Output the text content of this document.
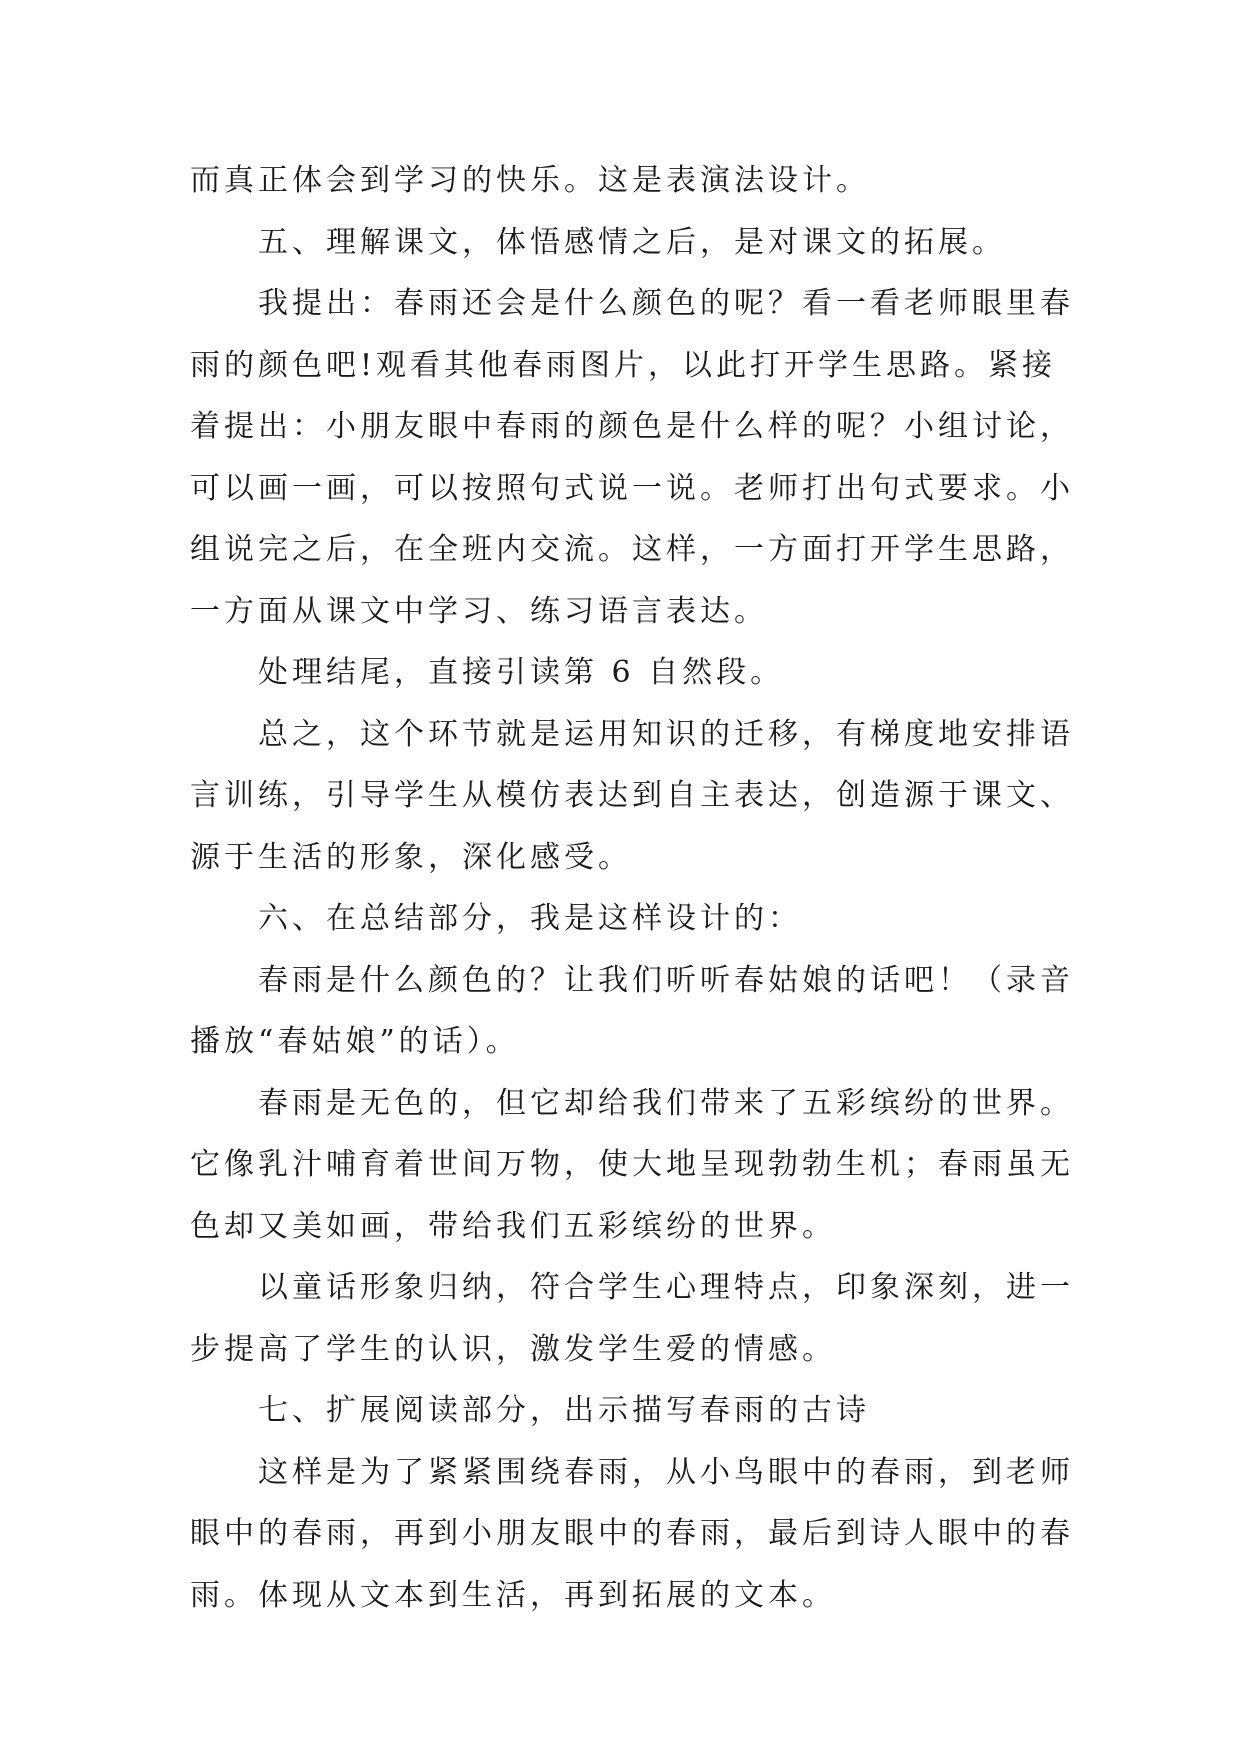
而真正体会到学习的快乐。这是表演法设计。

五、理解课文，体悟感情之后，是对课文的拓展。

我提出：春雨还会是什么颜色的呢？看一看老师眼里春

雨的颜色吧!观看其他春雨图片，以此打开学生思路。紧接

着提出：小朋友眼中春雨的颜色是什么样的呢？小组讨论，

可以画一画，可以按照句式说一说。老师打出句式要求。小

组说完之后，在全班内交流。这样，一方面打开学生思路，

一方面从课文中学习、练习语言表达。

处理结尾，直接引读第 6 自然段。

总之，这个环节就是运用知识的迁移，有梯度地安排语

言训练，引导学生从模仿表达到自主表达，创造源于课文、

源于生活的形象，深化感受。

六、在总结部分，我是这样设计的：

春雨是什么颜色的？让我们听听春姑娘的话吧！（录音

播放“春姑娘”的话）。

春雨是无色的，但它却给我们带来了五彩缤纷的世界。

它像乳汁哺育着世间万物，使大地呈现勃勃生机；春雨虽无

色却又美如画，带给我们五彩缤纷的世界。

以童话形象归纳，符合学生心理特点，印象深刻，进一

步提高了学生的认识，激发学生爱的情感。

七、扩展阅读部分，出示描写春雨的古诗

这样是为了紧紧围绕春雨，从小鸟眼中的春雨，到老师

眼中的春雨，再到小朋友眼中的春雨，最后到诗人眼中的春

雨。体现从文本到生活，再到拓展的文本。
